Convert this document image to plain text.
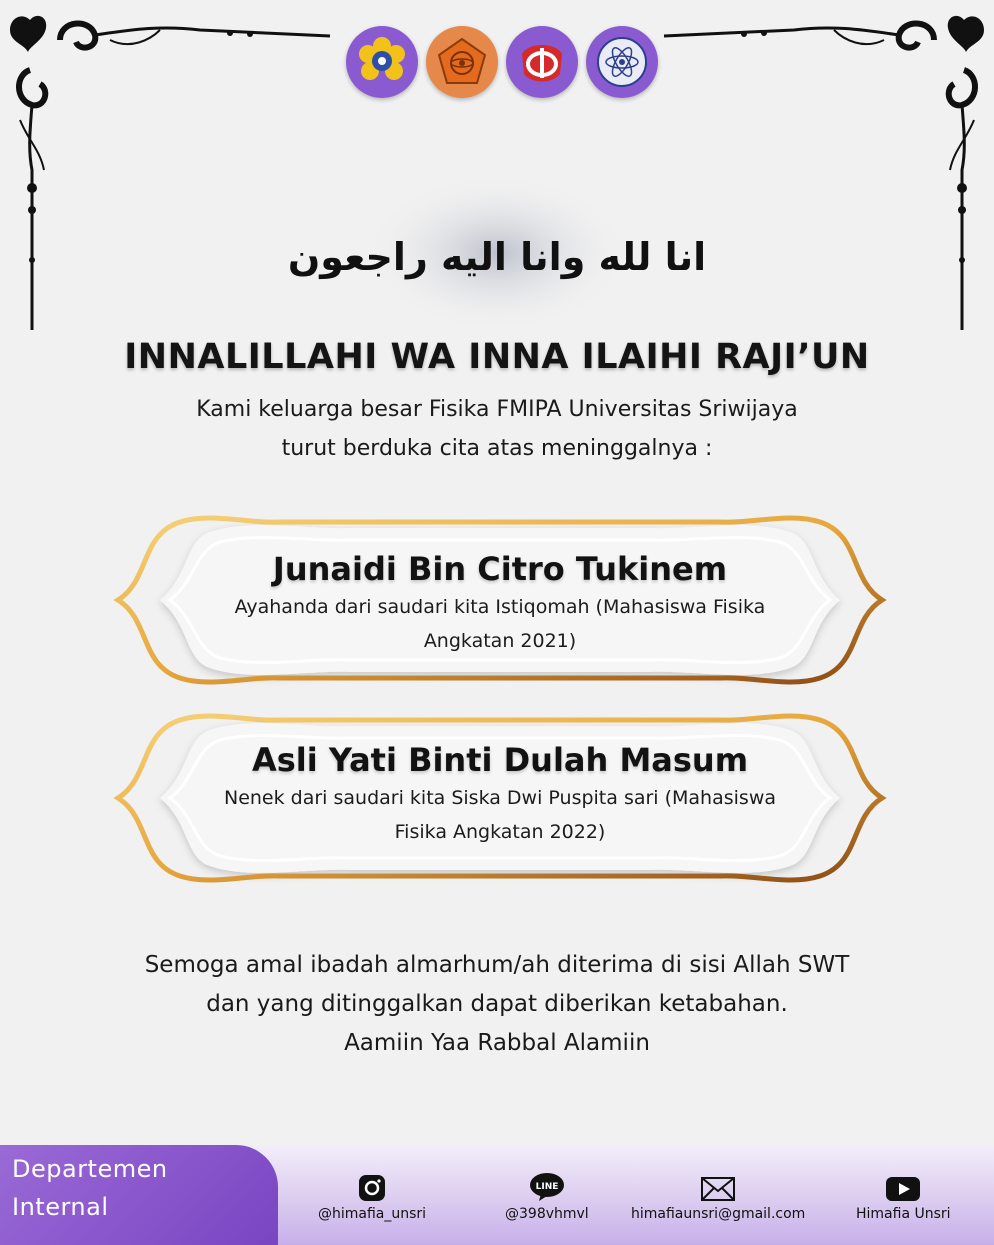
انا لله وانا اليه راجعون
INNALILLAHI WA INNA ILAIHI RAJI’UN
Kami keluarga besar Fisika FMIPA Universitas Sriwijaya
turut berduka cita atas meninggalnya :
Junaidi Bin Citro Tukinem
Ayahanda dari saudari kita Istiqomah (Mahasiswa Fisika
Angkatan 2021)
Asli Yati Binti Dulah Masum
Nenek dari saudari kita Siska Dwi Puspita sari (Mahasiswa
Fisika Angkatan 2022)
Semoga amal ibadah almarhum/ah diterima di sisi Allah SWT
dan yang ditinggalkan dapat diberikan ketabahan.
Aamiin Yaa Rabbal Alamiin
Departemen
Internal	@himafia_unsri
LINE
@398vhmvl	himafiaunsri@gmail.com	Himafia Unsri
